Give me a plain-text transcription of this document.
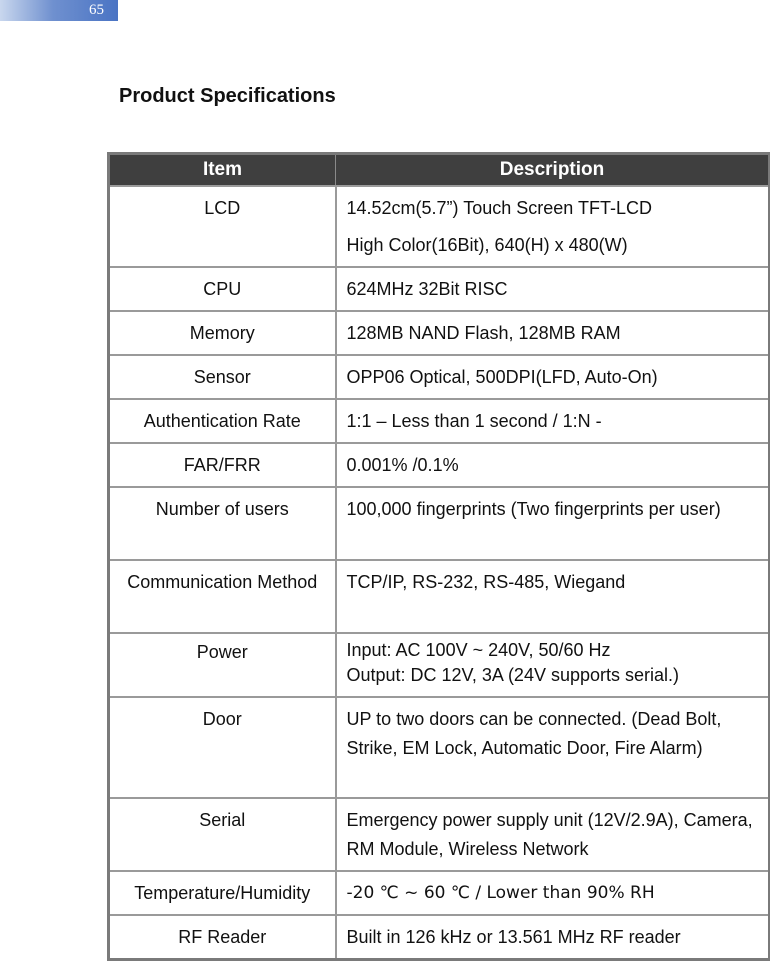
65
Product Specifications
Item	Description
LCD	14.52cm(5.7”) Touch Screen TFT-LCD
High Color(16Bit), 640(H) x 480(W)

CPU	624MHz 32Bit RISC
Memory	128MB NAND Flash, 128MB RAM
Sensor	OPP06 Optical, 500DPI(LFD, Auto-On)
Authentication Rate	1:1 – Less than 1 second / 1:N -
FAR/FRR	0.001% /0.1%
Number of users	100,000 fingerprints (Two fingerprints per user)
Communication Method	TCP/IP, RS-232, RS-485, Wiegand
Power	Input: AC 100V ~ 240V, 50/60 Hz
Output: DC 12V, 3A (24V supports serial.)

Door	UP to two doors can be connected. (Dead Bolt, Strike, EM Lock, Automatic Door, Fire Alarm)
Serial	Emergency power supply unit (12V/2.9A), Camera, RM Module, Wireless Network
Temperature/Humidity	-20 ℃ ~ 60 ℃ / Lower than 90% RH
RF Reader	Built in 126 kHz or 13.561 MHz RF reader
